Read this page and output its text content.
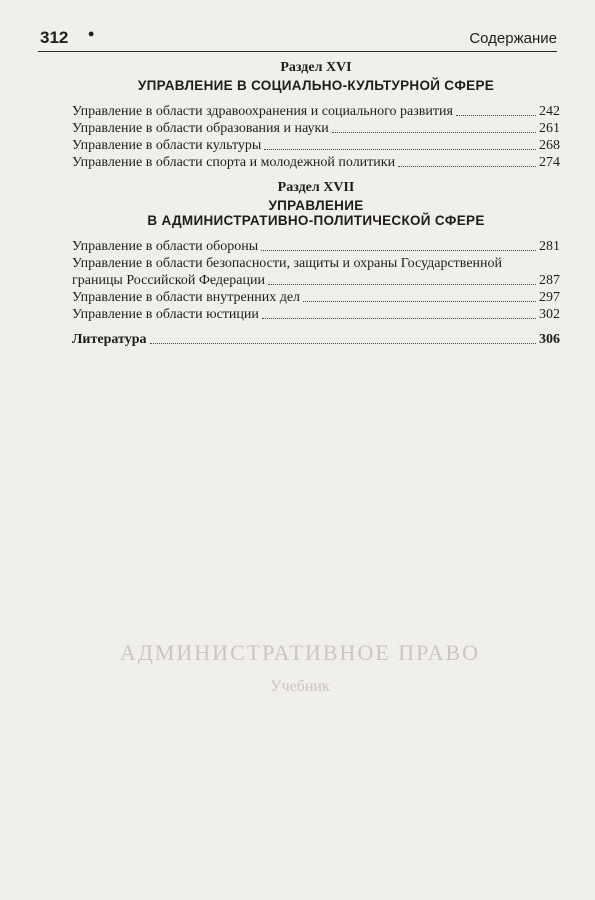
312 •	Содержание
Раздел XVI
УПРАВЛЕНИЕ В СОЦИАЛЬНО-КУЛЬТУРНОЙ СФЕРЕ
Управление в области здравоохранения и социального развития	242
Управление в области образования и науки	261
Управление в области культуры	268
Управление в области спорта и молодежной политики	274
Раздел XVII
УПРАВЛЕНИЕ
В АДМИНИСТРАТИВНО-ПОЛИТИЧЕСКОЙ СФЕРЕ
Управление в области обороны	281
Управление в области безопасности, защиты и охраны Государственной
границы Российской Федерации	287
Управление в области внутренних дел	297
Управление в области юстиции	302
Литература	306
АДМИНИСТРАТИВНОЕ ПРАВО
Учебник
